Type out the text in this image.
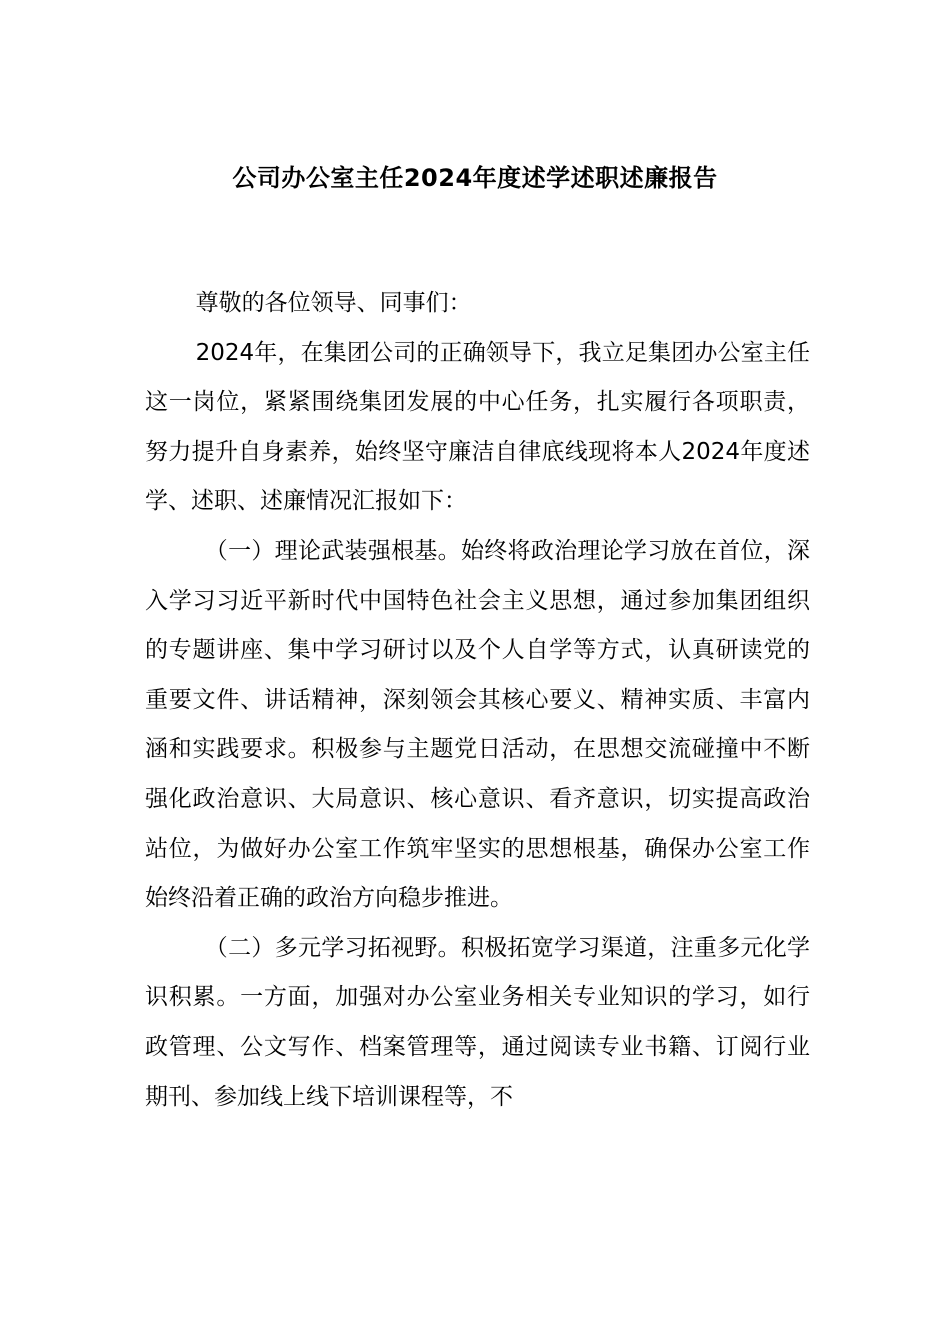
公司办公室主任2024年度述学述职述廉报告

尊敬的各位领导、同事们：

2024年，在集团公司的正确领导下，我立足集团办公室主任这一岗位，紧紧围绕集团发展的中心任务，扎实履行各项职责，努力提升自身素养，始终坚守廉洁自律底线现将本人2024年度述学、述职、述廉情况汇报如下：

（一）理论武装强根基。始终将政治理论学习放在首位，深入学习习近平新时代中国特色社会主义思想，通过参加集团组织的专题讲座、集中学习研讨以及个人自学等方式，认真研读党的重要文件、讲话精神，深刻领会其核心要义、精神实质、丰富内涵和实践要求。积极参与主题党日活动，在思想交流碰撞中不断强化政治意识、大局意识、核心意识、看齐意识，切实提高政治站位，为做好办公室工作筑牢坚实的思想根基，确保办公室工作始终沿着正确的政治方向稳步推进。

（二）多元学习拓视野。积极拓宽学习渠道，注重多元化学识积累。一方面，加强对办公室业务相关专业知识的学习，如行政管理、公文写作、档案管理等，通过阅读专业书籍、订阅行业期刊、参加线上线下培训课程等，不
